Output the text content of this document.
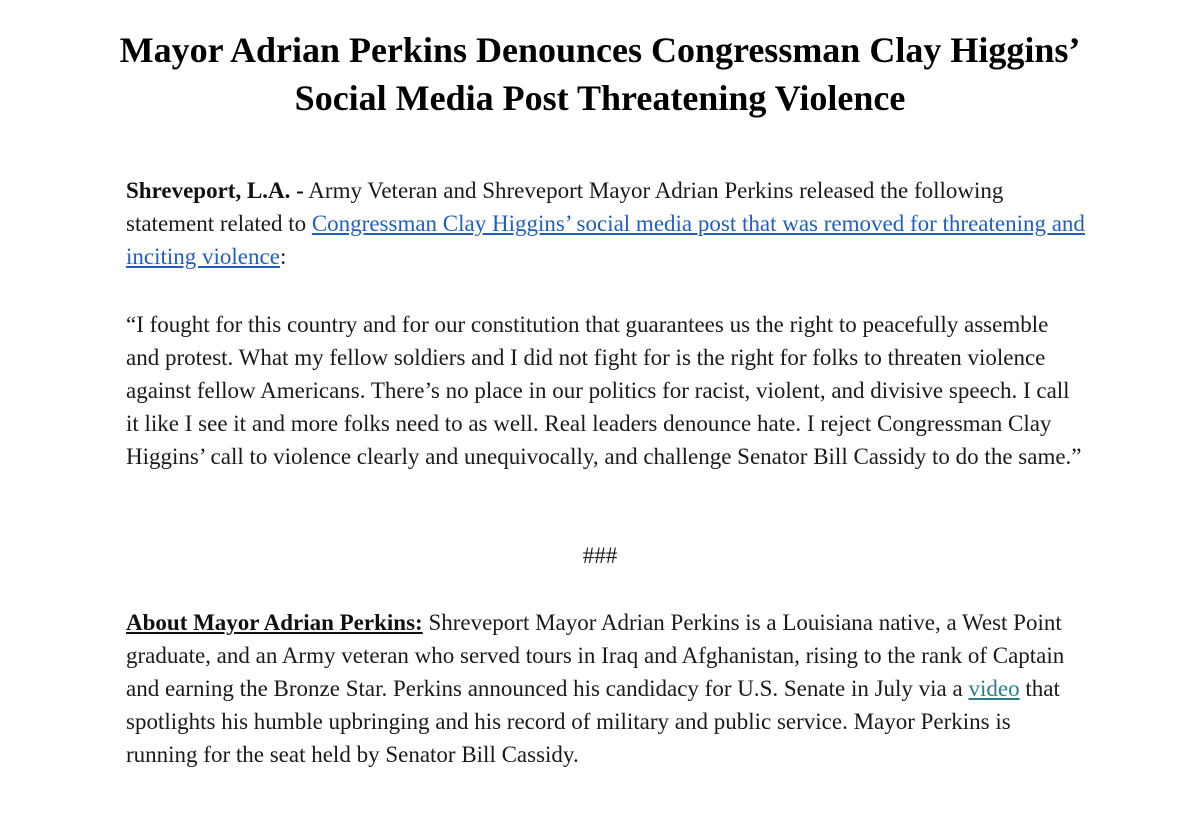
Mayor Adrian Perkins Denounces Congressman Clay Higgins’ Social Media Post Threatening Violence

Shreveport, L.A. - Army Veteran and Shreveport Mayor Adrian Perkins released the following statement related to Congressman Clay Higgins’ social media post that was removed for threatening and inciting violence:

“I fought for this country and for our constitution that guarantees us the right to peacefully assemble and protest. What my fellow soldiers and I did not fight for is the right for folks to threaten violence against fellow Americans. There’s no place in our politics for racist, violent, and divisive speech. I call it like I see it and more folks need to as well. Real leaders denounce hate. I reject Congressman Clay Higgins’ call to violence clearly and unequivocally, and challenge Senator Bill Cassidy to do the same.”

###

About Mayor Adrian Perkins: Shreveport Mayor Adrian Perkins is a Louisiana native, a West Point graduate, and an Army veteran who served tours in Iraq and Afghanistan, rising to the rank of Captain and earning the Bronze Star. Perkins announced his candidacy for U.S. Senate in July via a video that spotlights his humble upbringing and his record of military and public service. Mayor Perkins is running for the seat held by Senator Bill Cassidy.
